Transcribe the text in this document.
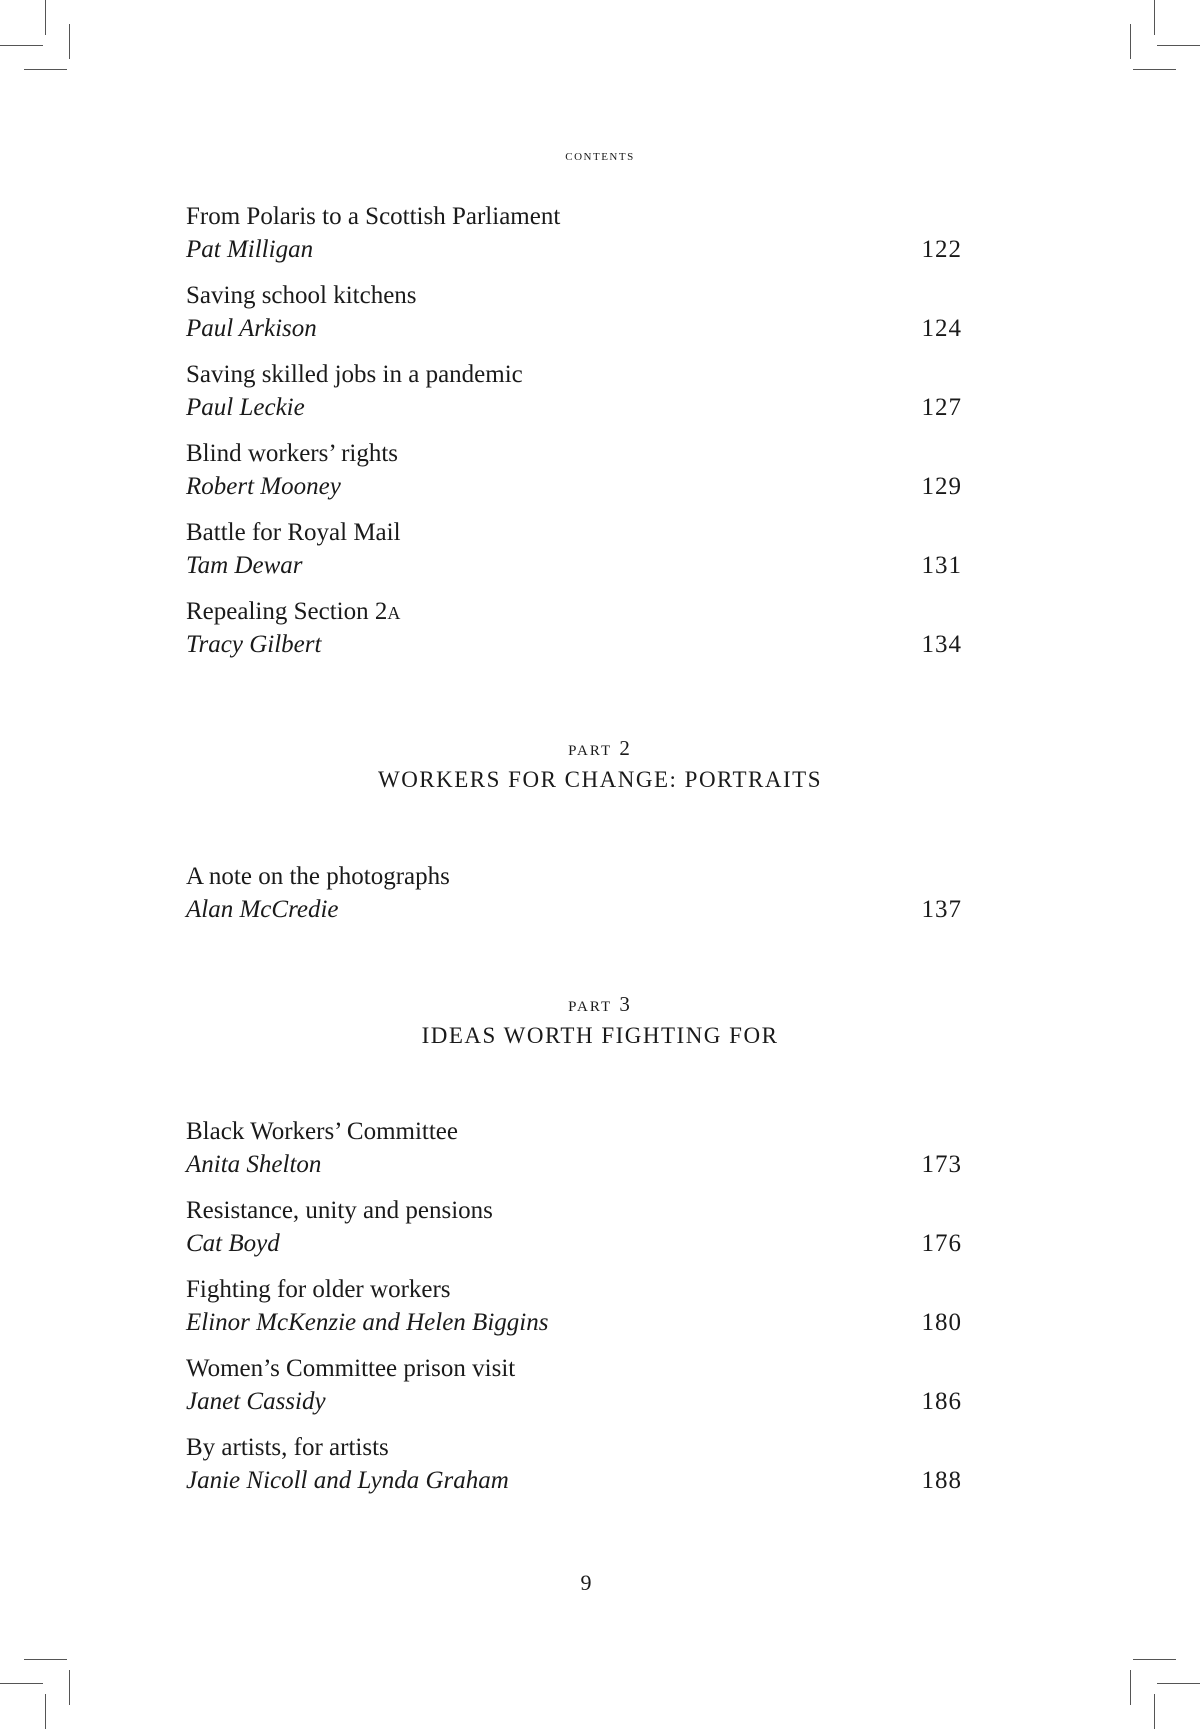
contents
From Polaris to a Scottish Parliament
Pat Milligan	122
Saving school kitchens
Paul Arkison	124
Saving skilled jobs in a pandemic
Paul Leckie	127
Blind workers’ rights
Robert Mooney	129
Battle for Royal Mail
Tam Dewar	131
Repealing Section 2a
Tracy Gilbert	134
part 2
WORKERS FOR CHANGE: PORTRAITS
A note on the photographs
Alan McCredie	137
part 3
IDEAS WORTH FIGHTING FOR
Black Workers’ Committee
Anita Shelton	173
Resistance, unity and pensions
Cat Boyd	176
Fighting for older workers
Elinor McKenzie and Helen Biggins	180
Women’s Committee prison visit
Janet Cassidy	186
By artists, for artists
Janie Nicoll and Lynda Graham	188
9
